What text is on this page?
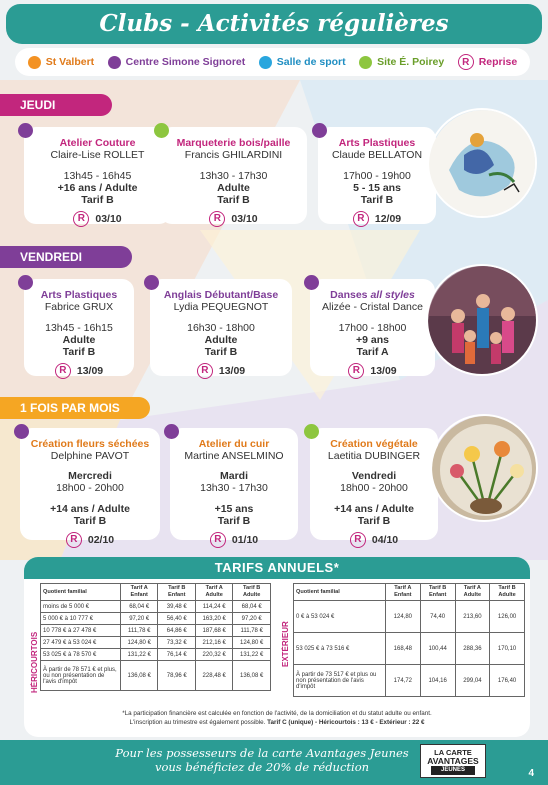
Clubs - Activités régulières
St Valbert	Centre Simone Signoret	Salle de sport	Site É. Poirey	R Reprise
JEUDI
Atelier Couture
Claire-Lise ROLLET
13h45 - 16h45
+16 ans / Adulte
Tarif B
R 03/10
Marqueterie bois/paille
Francis GHILARDINI
13h30 - 17h30
Adulte
Tarif B
R 03/10
Arts Plastiques
Claude BELLATON
17h00 - 19h00
5 - 15 ans
Tarif B
R 12/09
VENDREDI
Arts Plastiques
Fabrice GRUX
13h45 - 16h15
Adulte
Tarif B
R 13/09
Anglais Débutant/Base
Lydia PEQUEGNOT
16h30 - 18h00
Adulte
Tarif B
R 13/09
Danses all styles
Alizée - Cristal Dance
17h00 - 18h00
+9 ans
Tarif A
R 13/09
1 FOIS PAR MOIS
Création fleurs séchées
Delphine PAVOT
Mercredi
18h00 - 20h00
+14 ans / Adulte
Tarif B
R 02/10
Atelier du cuir
Martine ANSELMINO
Mardi
13h30 - 17h30
+15 ans
Tarif B
R 01/10
Création végétale
Laetitia DUBINGER
Vendredi
18h00 - 20h00
+14 ans / Adulte
Tarif B
R 04/10
TARIFS ANNUELS*
HÉRICOURTOIS
Quotient familial	Tarif A Enfant	Tarif B Enfant	Tarif A Adulte	Tarif B Adulte
moins de 5 000 €	68,04 €	39,48 €	114,24 €	68,04 €
5 000 € à 10 777 €	97,20 €	56,40 €	163,20 €	97,20 €
10 778 € à 27 478 €	111,78 €	64,86 €	187,68 €	111,78 €
27 479 € à 53 024 €	124,80 €	73,32 €	212,16 €	124,80 €
53 025 € à 78 570 €	131,22 €	76,14 €	220,32 €	131,22 €
À partir de 78 571 € et plus, ou non présentation de l'avis d'impôt	136,08 €	78,96 €	228,48 €	136,08 €
EXTÉRIEUR
Quotient familial	Tarif A Enfant	Tarif B Enfant	Tarif A Adulte	Tarif B Adulte
0 € à 53 024 €	124,80	74,40	213,60	126,00
53 025 € à 73 516 €	168,48	100,44	288,36	170,10
À partir de 73 517 € et plus ou non présentation de l'avis d'impôt	174,72	104,16	299,04	176,40
*La participation financière est calculée en fonction de l'activité, de la domiciliation et du statut adulte ou enfant.
L'inscription au trimestre est également possible. Tarif C (unique) - Héricourtois : 13 € - Extérieur : 22 €
Pour les possesseurs de la carte Avantages Jeunes
vous bénéficiez de 20% de réduction
LA CARTE
AVANTAGES
JEUNES	4
